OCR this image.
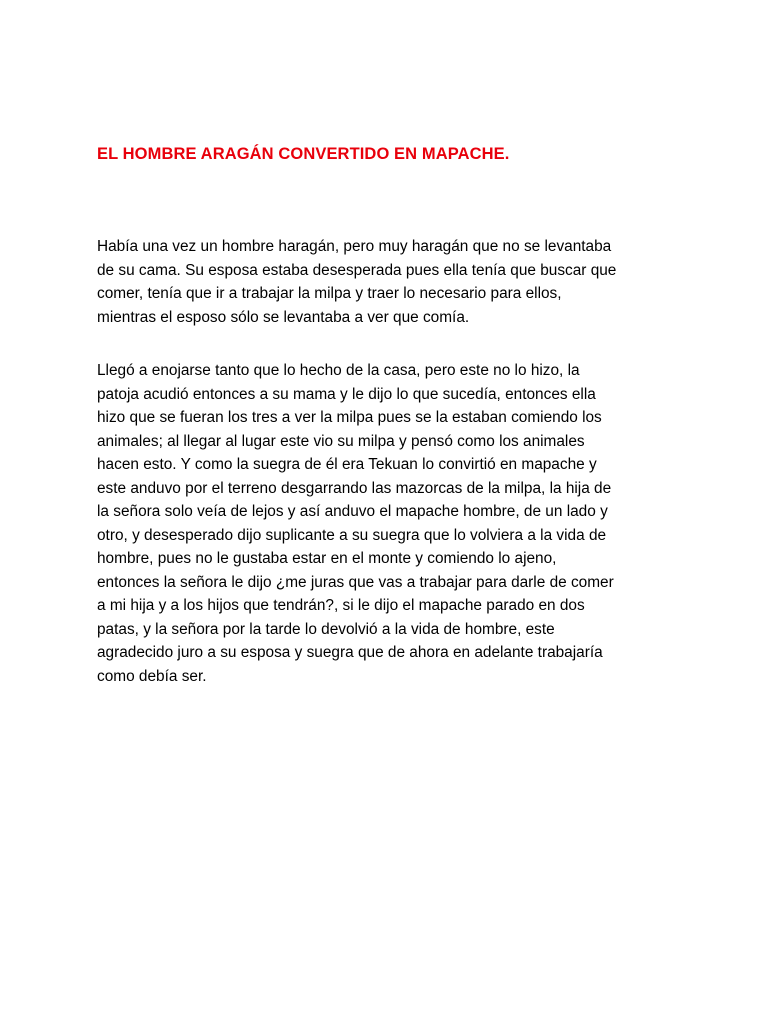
EL HOMBRE ARAGÁN CONVERTIDO EN MAPACHE.

Había una vez un hombre haragán, pero muy haragán que no se levantaba
de su cama. Su esposa estaba desesperada pues ella tenía que buscar que
comer, tenía que ir a trabajar la milpa y traer lo necesario para ellos,
mientras el esposo sólo se levantaba a ver que comía.

Llegó a enojarse tanto que lo hecho de la casa, pero este no lo hizo, la
patoja acudió entonces a su mama y le dijo lo que sucedía, entonces ella
hizo que se fueran los tres a ver la milpa pues se la estaban comiendo los
animales; al llegar al lugar este vio su milpa y pensó como los animales
hacen esto. Y como la suegra de él era Tekuan lo convirtió en mapache y
este anduvo por el terreno desgarrando las mazorcas de la milpa, la hija de
la señora solo veía de lejos y así anduvo el mapache hombre, de un lado y
otro, y desesperado dijo suplicante a su suegra que lo volviera a la vida de
hombre, pues no le gustaba estar en el monte y comiendo lo ajeno,
entonces la señora le dijo ¿me juras que vas a trabajar para darle de comer
a mi hija y a los hijos que tendrán?, si le dijo el mapache parado en dos
patas, y la señora por la tarde lo devolvió a la vida de hombre, este
agradecido juro a su esposa y suegra que de ahora en adelante trabajaría
como debía ser.
